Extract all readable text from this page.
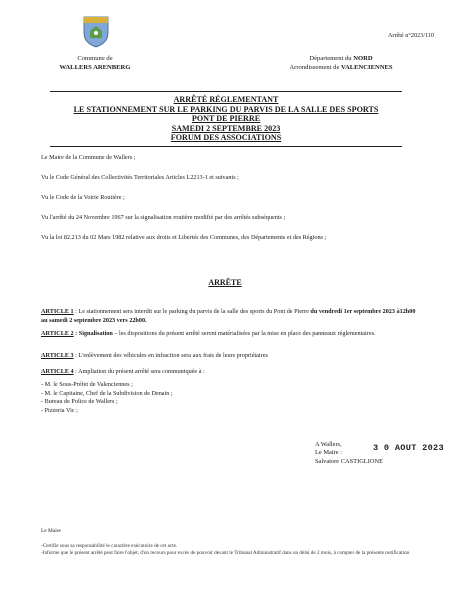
Arrêté n°2023/110
Commune de
WALLERS ARENBERG
Département du NORD
Arrondissement de VALENCIENNES
ARRÊTÉ RÉGLEMENTANT
LE STATIONNEMENT SUR LE PARKING DU PARVIS DE LA SALLE DES SPORTS
PONT DE PIERRE
SAMEDI 2 SEPTEMBRE 2023
FORUM DES ASSOCIATIONS
Le Maire de la Commune de Wallers ;
Vu le Code Général des Collectivités Territoriales Articles L2213-1 et suivants ;
Vu le Code de la Voirie Routière ;
Vu l'arrêté du 24 Novembre 1967 sur la signalisation routière modifié par des arrêtés subséquents ;
Vu la loi 82.213 du 02 Mars 1982 relative aux droits et Libertés des Communes, des Départements et des Régions ;
ARRÊTE
ARTICLE 1 : Le stationnement sera interdit sur le parking du parvis de la salle des sports du Pont de Pierre du vendredi 1er septembre 2023 à12h00 au samedi 2 septembre 2023 vers 22h00.
ARTICLE 2 : Signalisation – les dispositions du présent arrêté seront matérialisées par la mise en place des panneaux réglementaires.
ARTICLE 3 : L'enlèvement des véhicules en infraction sera aux frais de leurs propriétaires
ARTICLE 4 : Ampliation du présent arrêté sera communiquée à :
- M. le Sous-Préfet de Valenciennes ;
- M. le Capitaine, Chef de la Subdivision de Denain ;
- Bureau de Police de Wallers ;
- Pizzeria Vic ;
A Wallers,
Le Maire :
Salvatore CASTIGLIONE
3 0 AOUT 2023
Le Maire
-Certifie sous sa responsabilité le caractère exécutoire de cet acte.
-Informe que le présent arrêté peut faire l'objet, d'un recours pour excès de pouvoir devant le Tribunal Administratif dans un délai de 2 mois, à compter de la présente notification
